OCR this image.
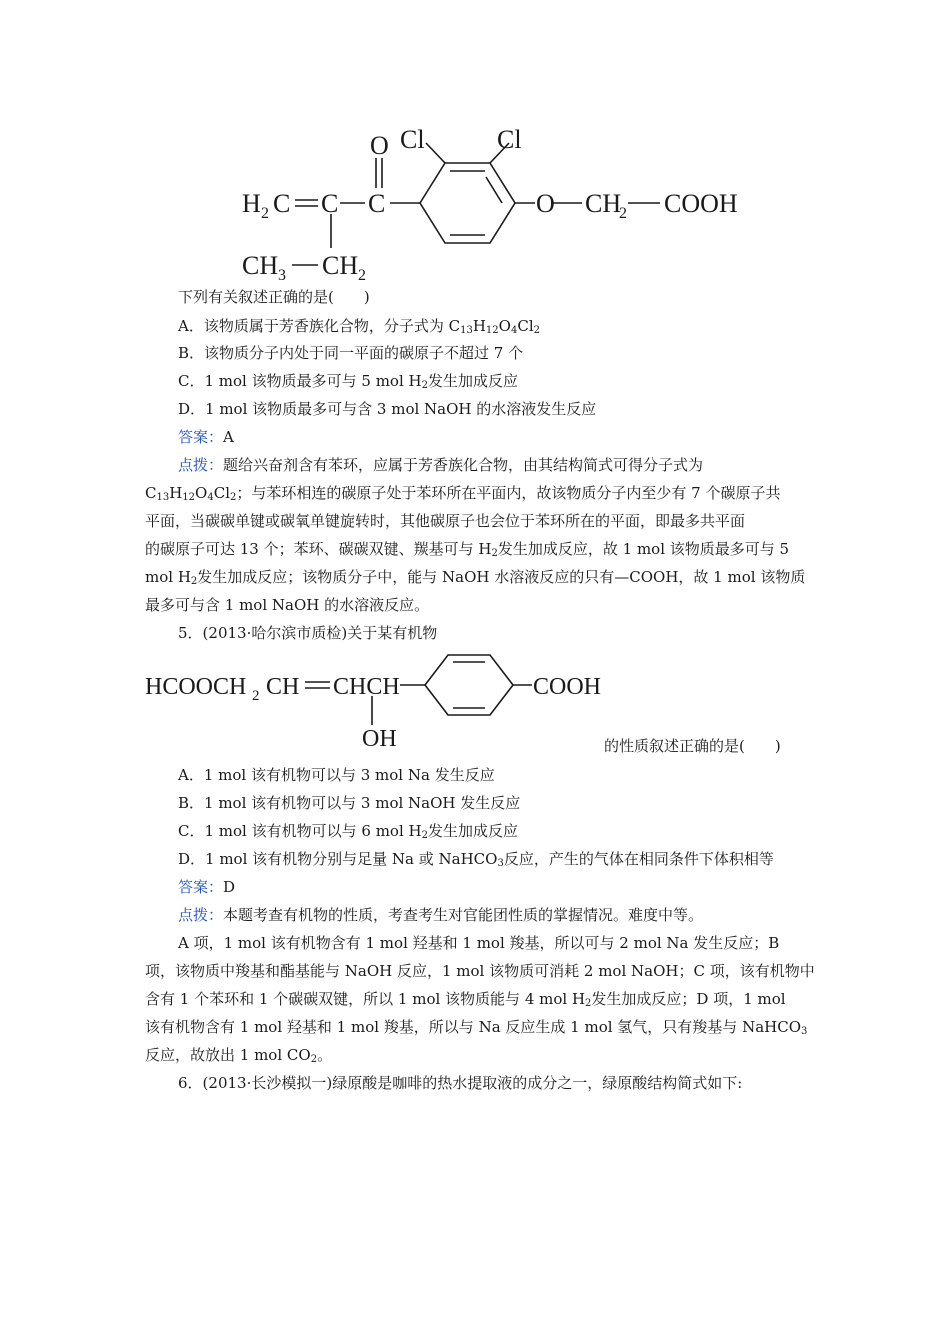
Cl	Cl
O
H 2 C C C	O CH
2 COOH
CH 3 CH 2
下列有关叙述正确的是(　　)
A．该物质属于芳香族化合物，分子式为 $C_{13}H_{12}O_4Cl_2$
B．该物质分子内处于同一平面的碳原子不超过 7 个
C．1 mol 该物质最多可与 5 mol $H_2$发生加成反应
D．1 mol 该物质最多可与含 3 mol NaOH 的水溶液发生反应
答案：A
点拨：题给兴奋剂含有苯环，应属于芳香族化合物，由其结构简式可得分子式为
$C_{13}H_{12}O_4Cl_2$；与苯环相连的碳原子处于苯环所在平面内，故该物质分子内至少有 7 个碳原子共
平面，当碳碳单键或碳氧单键旋转时，其他碳原子也会位于苯环所在的平面，即最多共平面
的碳原子可达 13 个；苯环、碳碳双键、羰基可与 $H_2$发生加成反应，故 1 mol 该物质最多可与 5
mol $H_2$发生加成反应；该物质分子中，能与 NaOH 水溶液反应的只有—COOH，故 1 mol 该物质
最多可与含 1 mol NaOH 的水溶液反应。
5．(2013·哈尔滨市质检)关于某有机物
HCOOCH 2 CH CHCH
OH
COOH
的性质叙述正确的是(　　)
A．1 mol 该有机物可以与 3 mol Na 发生反应
B．1 mol 该有机物可以与 3 mol NaOH 发生反应
C．1 mol 该有机物可以与 6 mol $H_2$发生加成反应
D．1 mol 该有机物分别与足量 Na 或 NaHCO$_3$反应，产生的气体在相同条件下体积相等
答案：D
点拨：本题考查有机物的性质，考查考生对官能团性质的掌握情况。难度中等。
A 项，1 mol 该有机物含有 1 mol 羟基和 1 mol 羧基，所以可与 2 mol Na 发生反应；B
项，该物质中羧基和酯基能与 NaOH 反应，1 mol 该物质可消耗 2 mol NaOH；C 项，该有机物中
含有 1 个苯环和 1 个碳碳双键，所以 1 mol 该物质能与 4 mol $H_2$发生加成反应；D 项，1 mol
该有机物含有 1 mol 羟基和 1 mol 羧基，所以与 Na 反应生成 1 mol 氢气，只有羧基与 NaHCO$_3$
反应，故放出 1 mol $CO_2$。
6．(2013·长沙模拟一)绿原酸是咖啡的热水提取液的成分之一，绿原酸结构简式如下:
